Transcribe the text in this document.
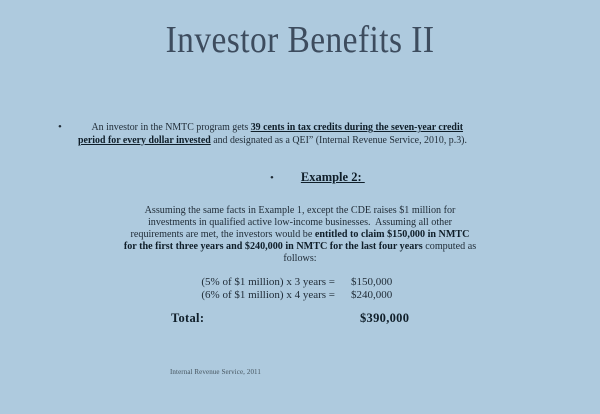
Investor Benefits II
•	An investor in the NMTC program gets 39 cents in tax credits during the seven-year credit
period for every dollar invested and designated as a QEI” (Internal Revenue Service, 2010, p.3).
• Example 2:
Assuming the same facts in Example 1, except the CDE raises $1 million for
investments in qualified active low-income businesses.  Assuming all other
requirements are met, the investors would be entitled to claim $150,000 in NMTC
for the first three years and $240,000 in NMTC for the last four years computed as
follows:
(5% of $1 million) x 3 years = $150,000
(6% of $1 million) x 4 years = $240,000
Total:	$390,000
Internal Revenue Service, 2011
